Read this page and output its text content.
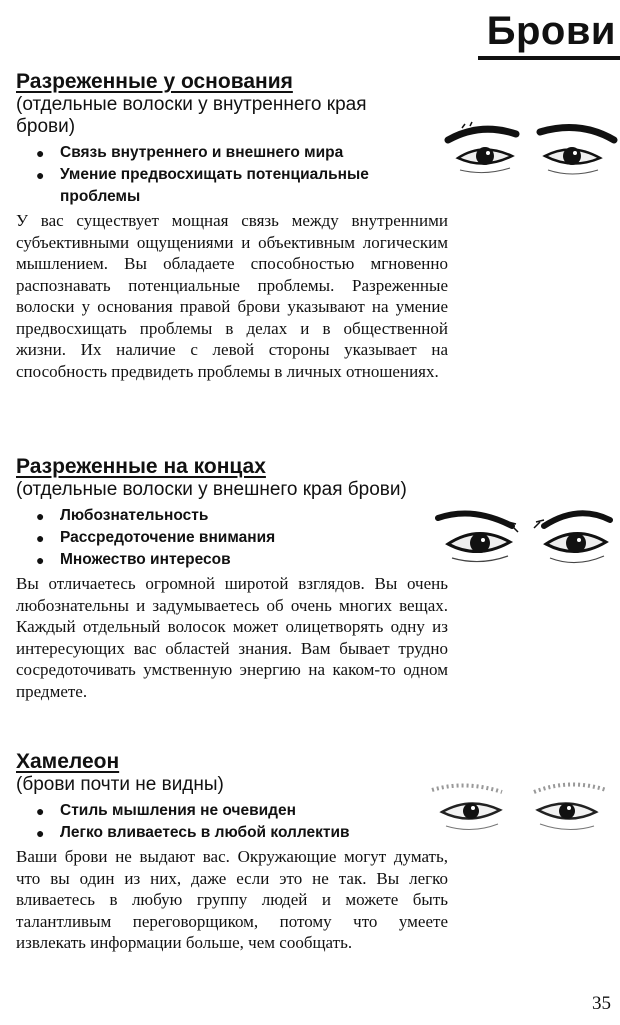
Брови
Разреженные у основания
(отдельные волоски у внутреннего края брови)
● Связь внутреннего и внешнего мира
● Умение предвосхищать потенциальные проблемы
У вас существует мощная связь между внутренними субъективными ощущениями и объективным логическим мышлением. Вы обладаете способностью мгновенно распознавать потенциальные проблемы. Разреженные волоски у основания правой брови указывают на умение предвосхищать проблемы в делах и в общественной жизни. Их наличие с левой стороны указывает на способность предвидеть проблемы в личных отношениях.
Разреженные на концах
(отдельные волоски у внешнего края брови)
● Любознательность
● Рассредоточение внимания
● Множество интересов
Вы отличаетесь огромной широтой взглядов. Вы очень любознательны и задумываетесь об очень многих вещах. Каждый отдельный волосок может олицетворять одну из интересующих вас областей знания. Вам бывает трудно сосредоточивать умственную энергию на каком-то одном предмете.
Хамелеон
(брови почти не видны)
● Стиль мышления не очевиден
● Легко вливаетесь в любой коллектив
Ваши брови не выдают вас. Окружающие могут думать, что вы один из них, даже если это не так. Вы легко вливаетесь в любую группу людей и можете быть талантливым переговорщиком, потому что умеете извлекать информации больше, чем сообщать.
35
